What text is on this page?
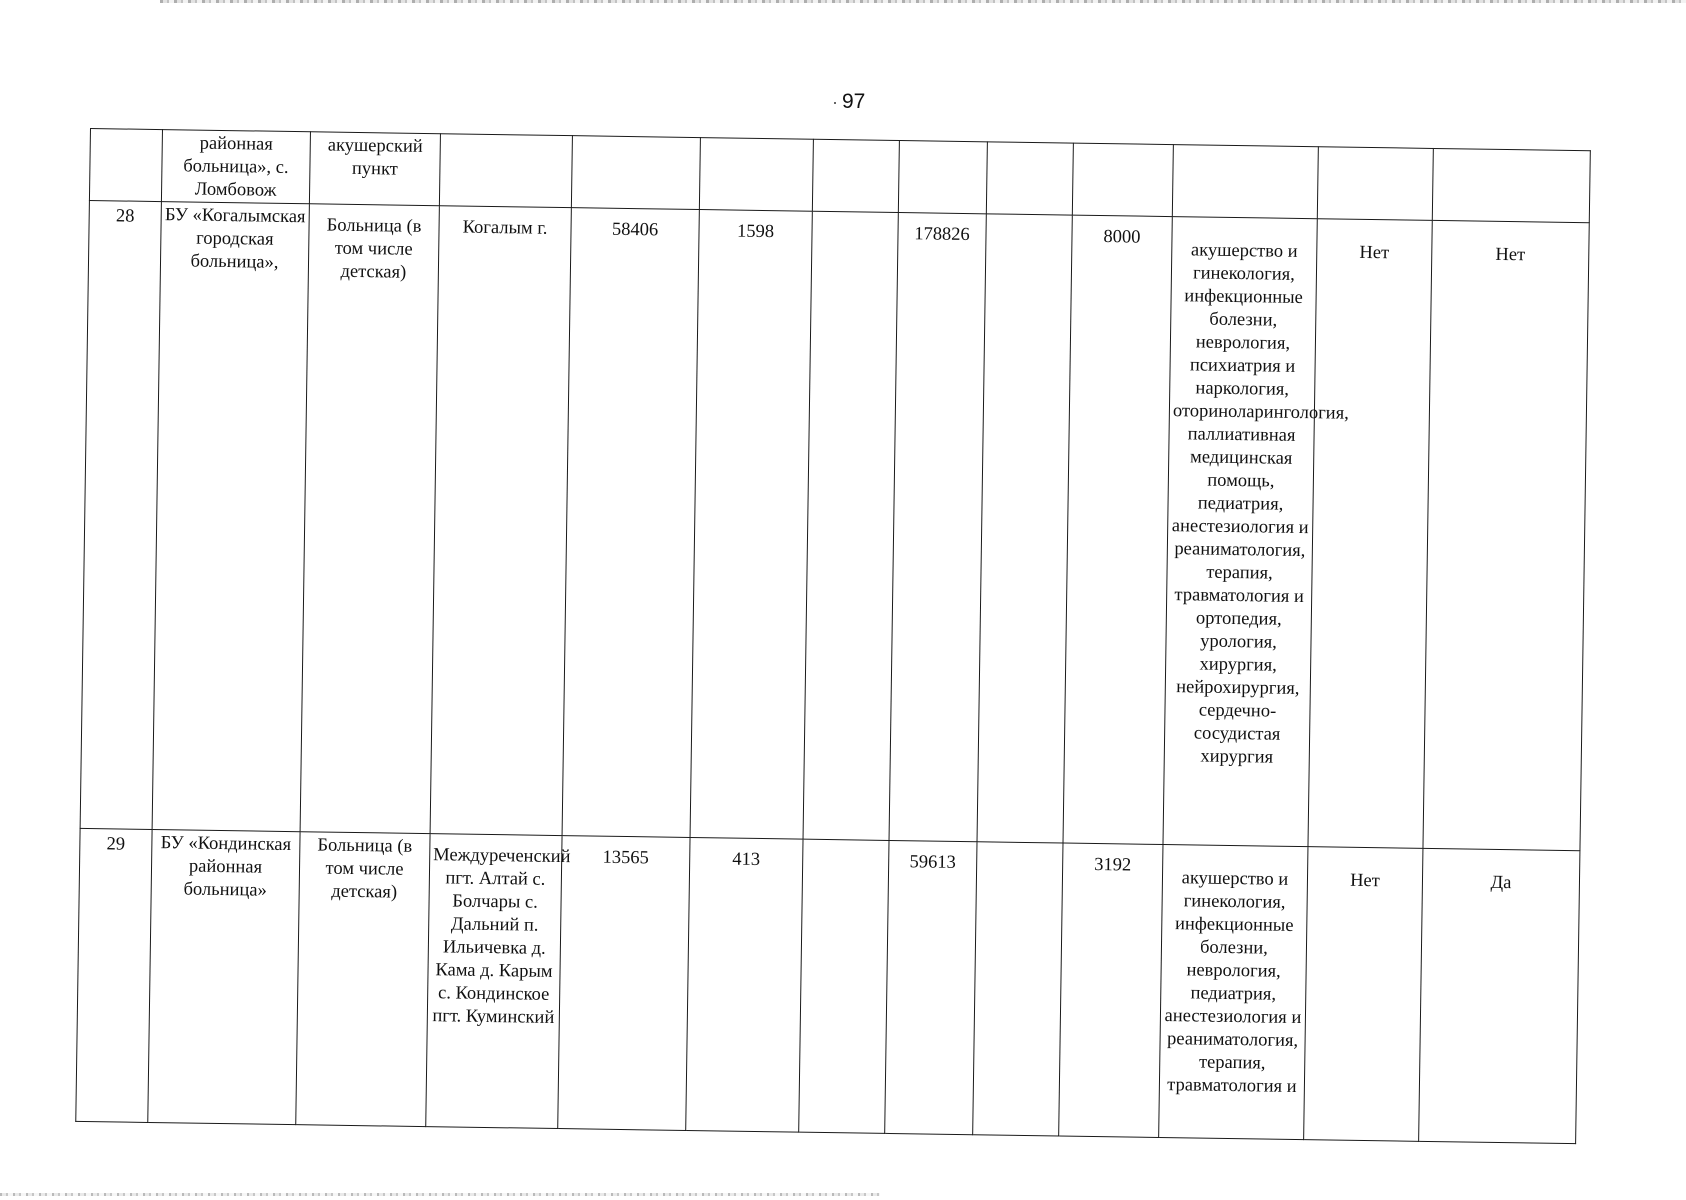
97
	районная больница», с. Ломбовож	акушерский пункт										
28	БУ «Когалымская городская больница»,	Больница (в том числе детская)	Когалым г.	58406	1598		178826		8000	акушерство и гинекология, инфекционные болезни, неврология, психиатрия и наркология, оториноларингология, паллиативная медицинская помощь, педиатрия, анестезиология и реаниматология, терапия, травматология и ортопедия, урология, хирургия, нейрохирургия, сердечно-сосудистая хирургия	Нет	Нет
29	БУ «Кондинская районная больница»	Больница (в том числе детская)	Междуреченский пгт. Алтай с. Болчары с. Дальний п. Ильичевка д. Кама д. Карым с. Кондинское пгт. Куминский	13565	413		59613		3192	акушерство и гинекология, инфекционные болезни, неврология, педиатрия, анестезиология и реаниматология, терапия, травматология и	Нет	Да
